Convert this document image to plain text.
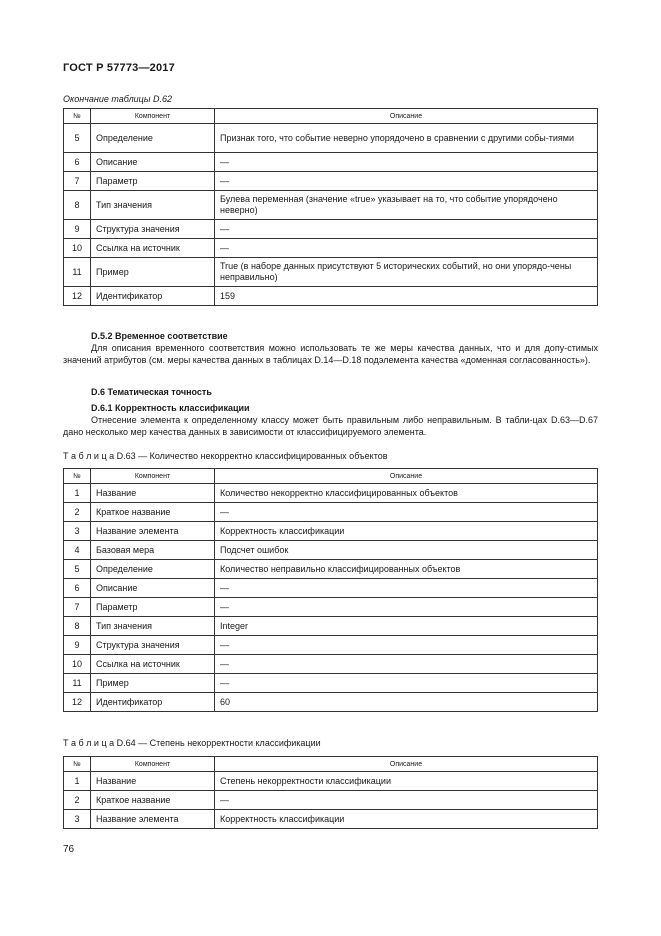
ГОСТ Р 57773—2017
Окончание таблицы D.62
№	Компонент	Описание
5	Определение	Признак того, что событие неверно упорядочено в сравнении с другими собы-тиями
6	Описание	—
7	Параметр	—
8	Тип значения	Булева переменная (значение «true» указывает на то, что событие упорядочено неверно)
9	Структура значения	—
10	Ссылка на источник	—
11	Пример	True (в наборе данных присутствуют 5 исторических событий, но они упорядо-чены неправильно)
12	Идентификатор	159
D.5.2 Временное соответствие
Для описания временного соответствия можно использовать те же меры качества данных, что и для допу-стимых значений атрибутов (см. меры качества данных в таблицах D.14—D.18 подэлемента качества «доменная согласованность»).
D.6 Тематическая точность
D.6.1 Корректность классификации
Отнесение элемента к определенному классу может быть правильным либо неправильным. В табли-цах D.63—D.67 дано несколько мер качества данных в зависимости от классифицируемого элемента.
Т а б л и ц а D.63 — Количество некорректно классифицированных объектов
№	Компонент	Описание
1	Название	Количество некорректно классифицированных объектов
2	Краткое название	—
3	Название элемента	Корректность классификации
4	Базовая мера	Подсчет ошибок
5	Определение	Количество неправильно классифицированных объектов
6	Описание	—
7	Параметр	—
8	Тип значения	Integer
9	Структура значения	—
10	Ссылка на источник	—
11	Пример	—
12	Идентификатор	60
Т а б л и ц а D.64 — Степень некорректности классификации
№	Компонент	Описание
1	Название	Степень некорректности классификации
2	Краткое название	—
3	Название элемента	Корректность классификации
76
